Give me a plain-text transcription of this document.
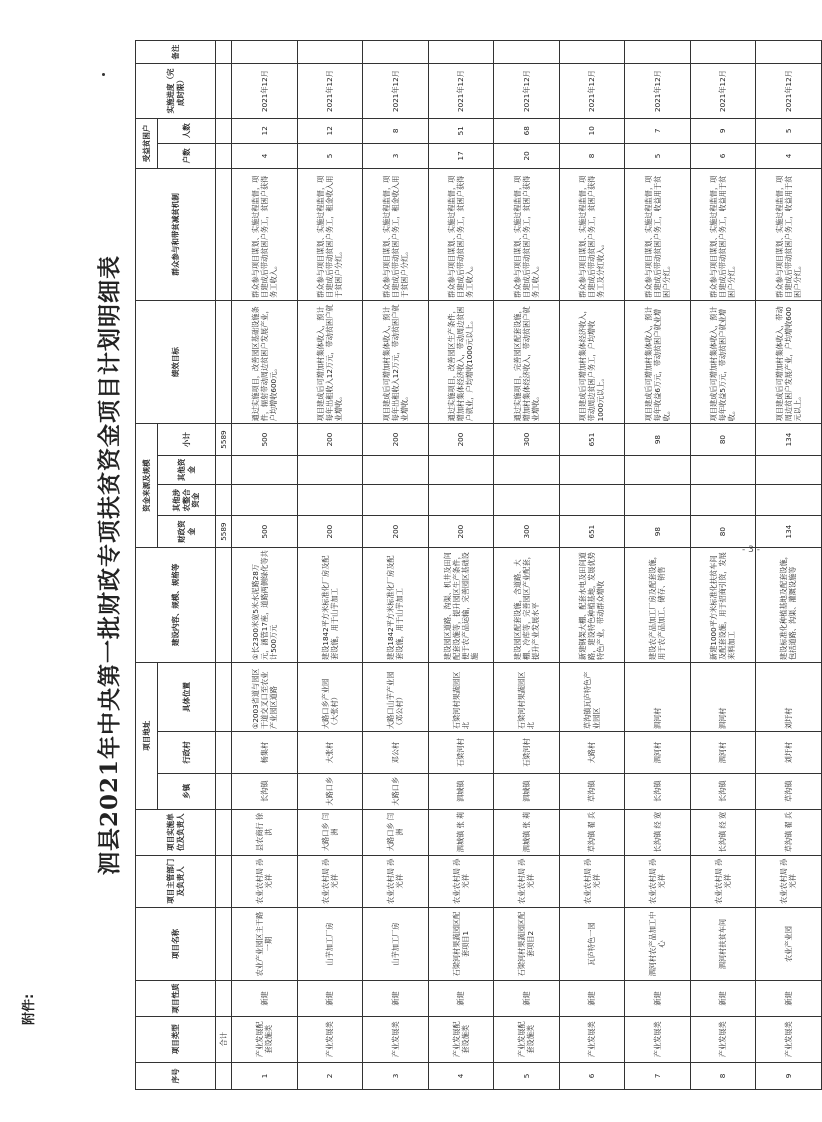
附件:
- 3 -
泗县2021年中央第一批财政专项扶贫资金项目计划明细表
序号	项目类型	项目性质	项目名称	项目主管部门及负责人	项目实施单位及负责人	项目地址			建设内容、规模、规格等	资金来源及规模				绩效目标	群众参与和带贫减贫机制	受益贫困户		实施进度（完成时限）	备注
						乡镇	行政村	具体位置		财政资金	其他涉农整合资金	其他资金	小计			户数	人数		

	合计									5589			5589						
1	产业发展配套设施类	新建	农业产业园区主干路一期	农业农村局 孙光祥	县农商行 徐 洪	长沟镇	杨集村	①2003省道与园区干道交叉口至农业产业园区道路	①长2300米宽5米水泥路28万元，涵管17座，道路两侧绿化等共计500万元	500			500	通过实施项目，改善园区基础设施条件，辐射带动周边贫困户发展产业，户均增收600元。	群众参与项目谋划、实施过程监督，项目建成后带动贫困户务工，贫困户获得务工收入。	4	12	2021年12月	
2	产业发展类	新建	山芋加工厂房	农业农村局 孙光祥	大路口乡 闫 洲	大路口乡	大张村	大路口乡产业园（大张村）	建设1842平方米标准化厂房及配套设施，用于山芋加工	200			200	项目建成后可增加村集体收入，预计每年出租收入12万元，带动贫困户就业增收。	群众参与项目谋划、实施过程监督，项目建成后带动贫困户务工，租金收入用于贫困户分红。	5	12	2021年12月	
3	产业发展类	新建	山芋加工厂房	农业农村局 孙光祥	大路口乡 闫 洲	大路口乡	邓公村	大路口山芋产业园（邓公村）	建设1842平方米标准化厂房及配套设施，用于山芋加工	200			200	项目建成后可增加村集体收入，预计每年出租收入12万元，带动贫困户就业增收。	群众参与项目谋划、实施过程监督，项目建成后带动贫困户务工，租金收入用于贫困户分红。	3	8	2021年12月	
4	产业发展配套设施类	新建	石梁河村果蔬园区配套项目1	农业农村局 孙光祥	泗城镇 张 莉	泗城镇	石梁河村	石梁河村果蔬园区北	建设园区道路、沟渠、机井及田间配套设施等，提升园区生产条件，便于农产品运输，完善园区基础设施	200			200	通过实施项目，改善园区生产条件，增加村集体经济收入，带动周边贫困户就业，户均增收1000元以上。	群众参与项目谋划、实施过程监督，项目建成后带动贫困户务工，贫困户获得务工收入。	17	51	2021年12月	
5	产业发展配套设施类	新建	石梁河村果蔬园区配套项目2	农业农村局 孙光祥	泗城镇 张 莉	泗城镇	石梁河村	石梁河村果蔬园区北	建设园区配套设施，含道路、大棚、冷库等，完善园区产业配套，提升产业发展水平	300			300	通过实施项目，完善园区配套设施，增加村集体经济收入，带动贫困户就业增收。	群众参与项目谋划、实施过程监督，项目建成后带动贫困户务工，贫困户获得务工收入。	20	68	2021年12月	
6	产业发展类	新建	瓦庐特色一园	农业农村局 孙光祥	草沟镇 翟 兵	草沟镇	大路村	草沟镇瓦庐特色产业园区	新建钢架大棚、配套水电及田间道路，建设特色种植基地，发展优势特色产业，带动群众增收	651			651	项目建成后可增加村集体经济收入，带动周边贫困户务工，户均增收1000元以上。	群众参与项目谋划、实施过程监督，项目建成后带动贫困户务工，贫困户获得务工及分红收入。	8	10	2021年12月	
7	产业发展类	新建	泗河村农产品加工中心	农业农村局 孙光祥	长沟镇 经 宽	长沟镇	泗河村	泗河村	建设农产品加工厂房及配套设施，用于农产品加工、储存、销售	98			98	项目建成后可增加村集体收入，预计每年收益6万元，带动贫困户就业增收。	群众参与项目谋划、实施过程监督，项目建成后带动贫困户务工，收益用于贫困户分红。	5	7	2021年12月	
8	产业发展类	新建	泗河村扶贫车间	农业农村局 孙光祥	长沟镇 经 宽	长沟镇	泗河村	泗河村	新建1000平方米标准化扶贫车间及配套设施，用于招商引资，发展来料加工	80			80	项目建成后可增加村集体收入，预计每年收益5万元，带动贫困户就业增收。	群众参与项目谋划、实施过程监督，项目建成后带动贫困户务工，收益用于贫困户分红。	6	9	2021年12月	
9	产业发展类	新建	农业产业园	农业农村局 孙光祥	草沟镇 翟 兵	草沟镇	刘圩村	刘圩村	建设标准化种植基地及配套设施，包括道路、沟渠、灌溉设施等	134			134	项目建成后可增加村集体收入，带动周边贫困户发展产业，户均增收600元以上。	群众参与项目谋划、实施过程监督，项目建成后带动贫困户务工，收益用于贫困户分红。	4	5	2021年12月	
